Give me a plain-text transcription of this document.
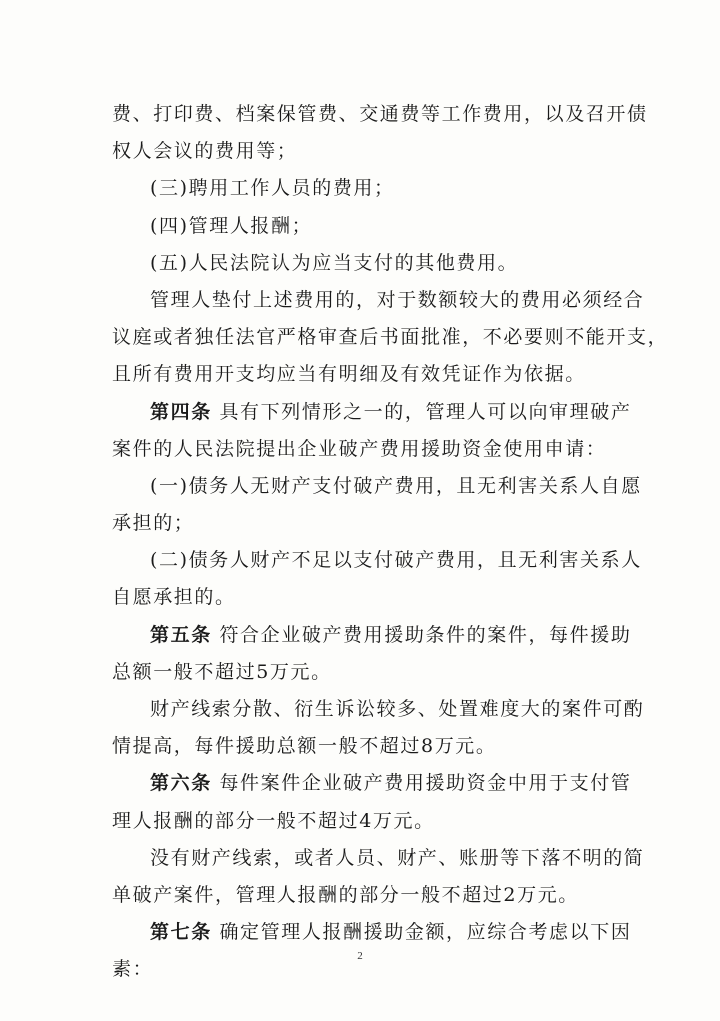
费、打印费、档案保管费、交通费等工作费用，以及召开债
权人会议的费用等；
(三)聘用工作人员的费用；
(四)管理人报酬；
(五)人民法院认为应当支付的其他费用。
管理人垫付上述费用的，对于数额较大的费用必须经合
议庭或者独任法官严格审查后书面批准，不必要则不能开支，
且所有费用开支均应当有明细及有效凭证作为依据。
第四条 具有下列情形之一的，管理人可以向审理破产
案件的人民法院提出企业破产费用援助资金使用申请：
(一)债务人无财产支付破产费用，且无利害关系人自愿
承担的；
(二)债务人财产不足以支付破产费用，且无利害关系人
自愿承担的。
第五条 符合企业破产费用援助条件的案件，每件援助
总额一般不超过5万元。
财产线索分散、衍生诉讼较多、处置难度大的案件可酌
情提高，每件援助总额一般不超过8万元。
第六条 每件案件企业破产费用援助资金中用于支付管
理人报酬的部分一般不超过4万元。
没有财产线索，或者人员、财产、账册等下落不明的简
单破产案件，管理人报酬的部分一般不超过2万元。
第七条 确定管理人报酬援助金额，应综合考虑以下因
素：
2
